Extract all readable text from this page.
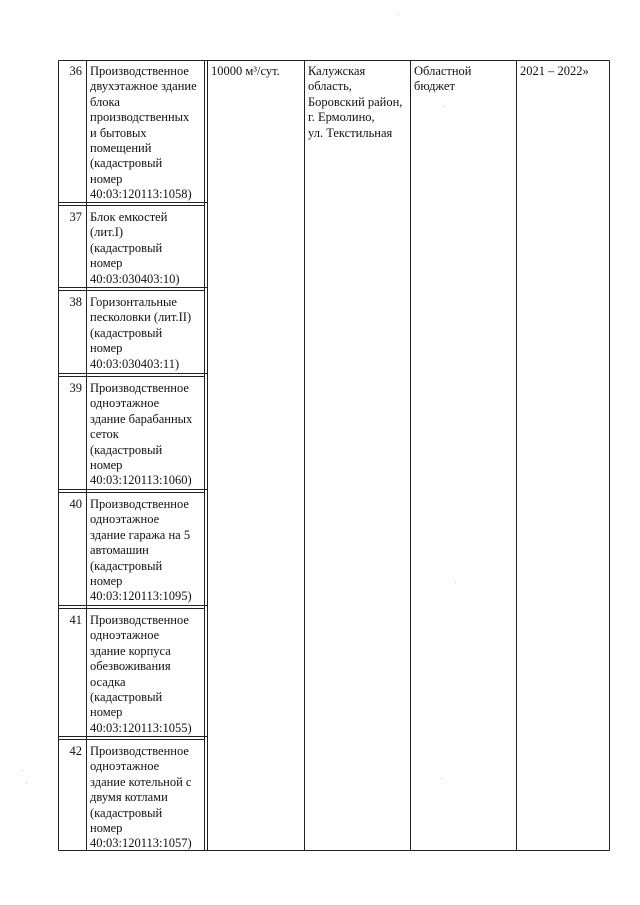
36 Производственное
двухэтажное здание
блока
производственных
и бытовых
помещений
(кадастровый
номер
40:03:120113:1058)
37 Блок емкостей
(лит.I)
(кадастровый
номер
40:03:030403:10)
38 Горизонтальные
песколовки (лит.II)
(кадастровый
номер
40:03:030403:11)
39 Производственное
одноэтажное
здание барабанных
сеток
(кадастровый
номер
40:03:120113:1060)
40 Производственное
одноэтажное
здание гаража на 5
автомашин
(кадастровый
номер
40:03:120113:1095)
41 Производственное
одноэтажное
здание корпуса
обезвоживания
осадка
(кадастровый
номер
40:03:120113:1055)
42 Производственное
одноэтажное
здание котельной с
двумя котлами
(кадастровый
номер
40:03:120113:1057)
10000 м³/сут.	Калужская
область,
Боровский район,
г. Ермолино,
ул. Текстильная
Областной
бюджет
2021 – 2022»
